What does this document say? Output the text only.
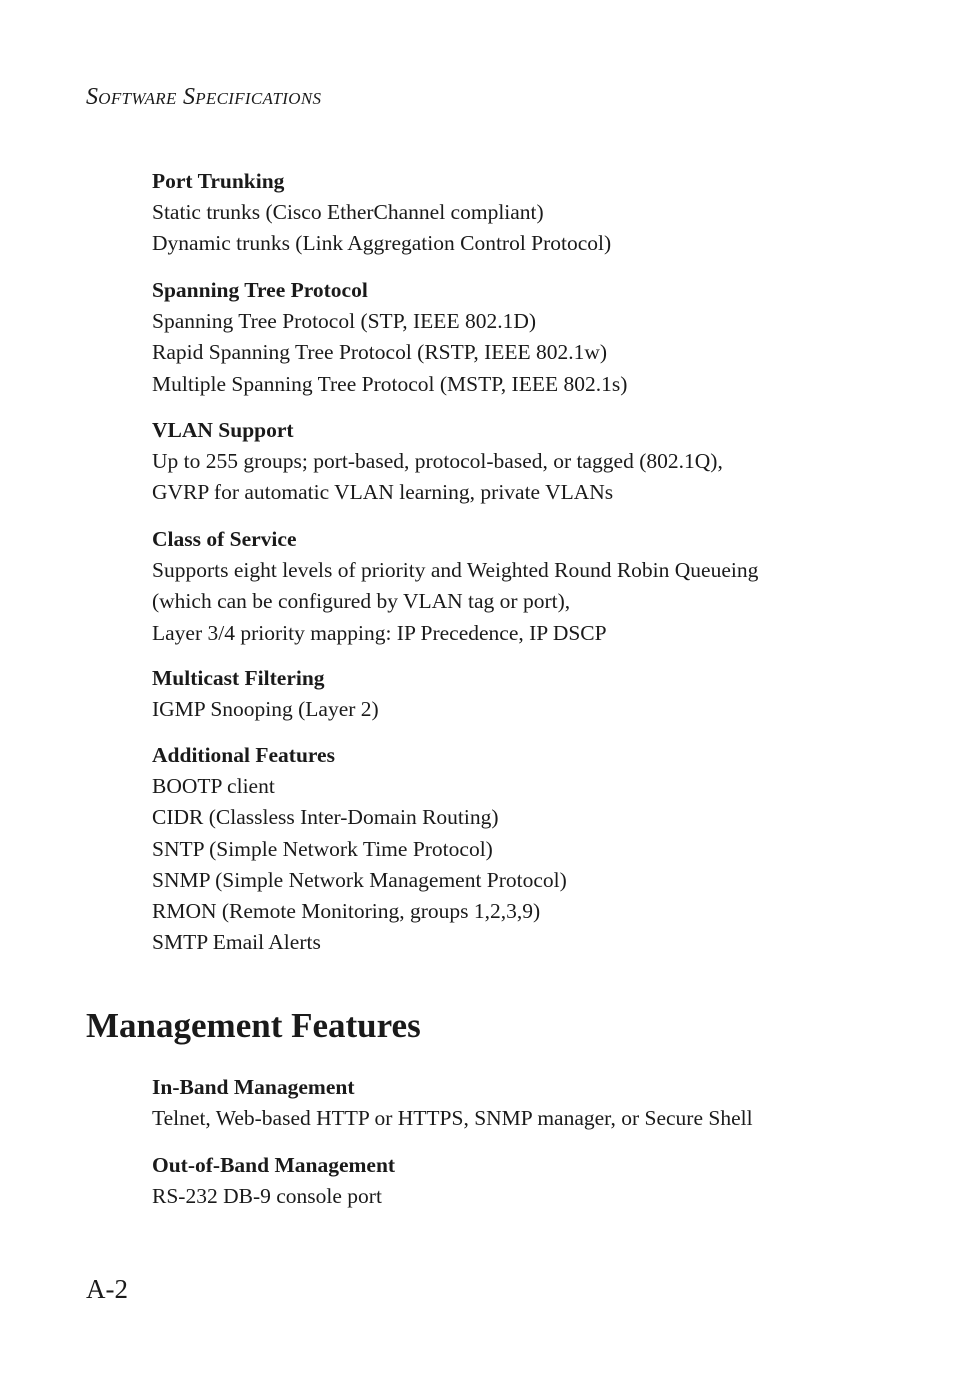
Software Specifications
Port Trunking
Static trunks (Cisco EtherChannel compliant)
Dynamic trunks (Link Aggregation Control Protocol)
Spanning Tree Protocol
Spanning Tree Protocol (STP, IEEE 802.1D)
Rapid Spanning Tree Protocol (RSTP, IEEE 802.1w)
Multiple Spanning Tree Protocol (MSTP, IEEE 802.1s)
VLAN Support
Up to 255 groups; port-based, protocol-based, or tagged (802.1Q),
GVRP for automatic VLAN learning, private VLANs
Class of Service
Supports eight levels of priority and Weighted Round Robin Queueing
(which can be configured by VLAN tag or port),
Layer 3/4 priority mapping: IP Precedence, IP DSCP
Multicast Filtering
IGMP Snooping (Layer 2)
Additional Features
BOOTP client
CIDR (Classless Inter-Domain Routing)
SNTP (Simple Network Time Protocol)
SNMP (Simple Network Management Protocol)
RMON (Remote Monitoring, groups 1,2,3,9)
SMTP Email Alerts
Management Features
In-Band Management
Telnet, Web-based HTTP or HTTPS, SNMP manager, or Secure Shell
Out-of-Band Management
RS-232 DB-9 console port
A-2
